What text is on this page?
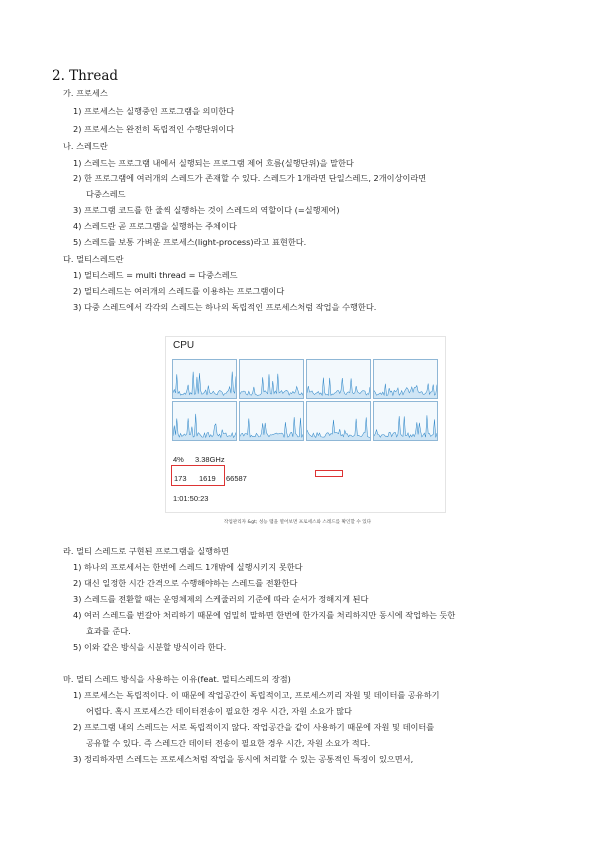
2. Thread
가. 프로세스
1) 프로세스는 실행중인 프로그램을 의미한다
2) 프로세스는 완전히 독립적인 수행단위이다
나. 스레드란
1) 스레드는 프로그램 내에서 실행되는 프로그램 제어 흐름(실행단위)을 말한다
2) 한 프로그램에 여러개의 스레드가 존재할 수 있다. 스레드가 1개라면 단일스레드, 2개이상이라면
다중스레드
3) 프로그램 코드를 한 줄씩 실행하는 것이 스레드의 역할이다 (=실행제어)
4) 스레드란 곧 프로그램을 실행하는 주체이다
5) 스레드를 보통 가벼운 프로세스(light-process)라고 표현한다.
다. 멀티스레드란
1) 멀티스레드 = multi thread = 다중스레드
2) 멀티스레드는 여러개의 스레드를 이용하는 프로그램이다
3) 다중 스레드에서 각각의 스레드는 하나의 독립적인 프로세스처럼 작업을 수행한다.
CPU
4% 3.38GHz
173 1619 66587
1:01:50:23
작업관리자 &gt; 성능 탭을 열어보면 프로세스와 스레드를 확인할 수 있다
라. 멀티 스레드로 구현된 프로그램을 실행하면
1) 하나의 프로세서는 한번에 스레드 1개밖에 실행시키지 못한다
2) 대신 일정한 시간 간격으로 수행해야하는 스레드를 전환한다
3) 스레드를 전환할 때는 운영체제의 스케줄러의 기준에 따라 순서가 정해지게 된다
4) 여러 스레드를 번갈아 처리하기 때문에 엄밀히 말하면 한번에 한가지를 처리하지만 동시에 작업하는 듯한
효과를 준다.
5) 이와 같은 방식을 시분할 방식이라 한다.
마. 멀티 스레드 방식을 사용하는 이유(feat. 멀티스레드의 장점)
1) 프로세스는 독립적이다. 이 때문에 작업공간이 독립적이고, 프로세스끼리 자원 및 데이터를 공유하기
어렵다. 혹시 프로세스간 데이터전송이 필요한 경우 시간, 자원 소요가 많다
2) 프로그램 내의 스레드는 서로 독립적이지 않다. 작업공간을 같이 사용하기 때문에 자원 및 데이터를
공유할 수 있다. 즉 스레드간 데이터 전송이 필요한 경우 시간, 자원 소요가 적다.
3) 정리하자면 스레드는 프로세스처럼 작업을 동시에 처리할 수 있는 공통적인 특징이 있으면서,
